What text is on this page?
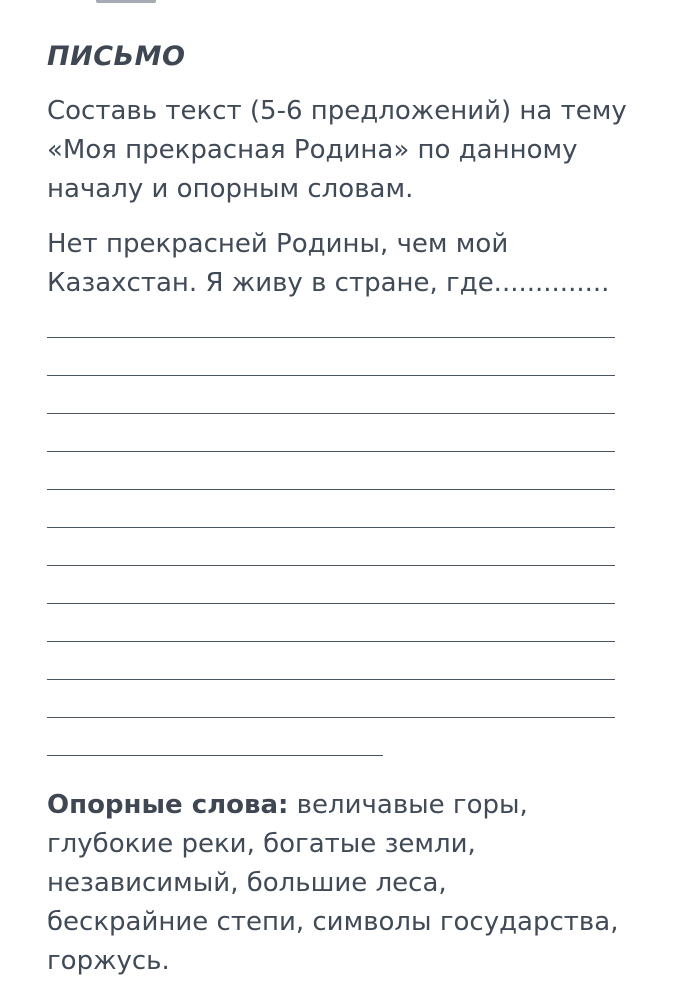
ПИСЬМО

Составь текст (5-6 предложений) на тему
«Моя прекрасная Родина» по данному
началу и опорным словам.

Нет прекрасней Родины, чем мой
Казахстан. Я живу в стране, где..............

Опорные слова: величавые горы,
глубокие реки, богатые земли,
независимый, большие леса,
бескрайние степи, символы государства,
горжусь.
